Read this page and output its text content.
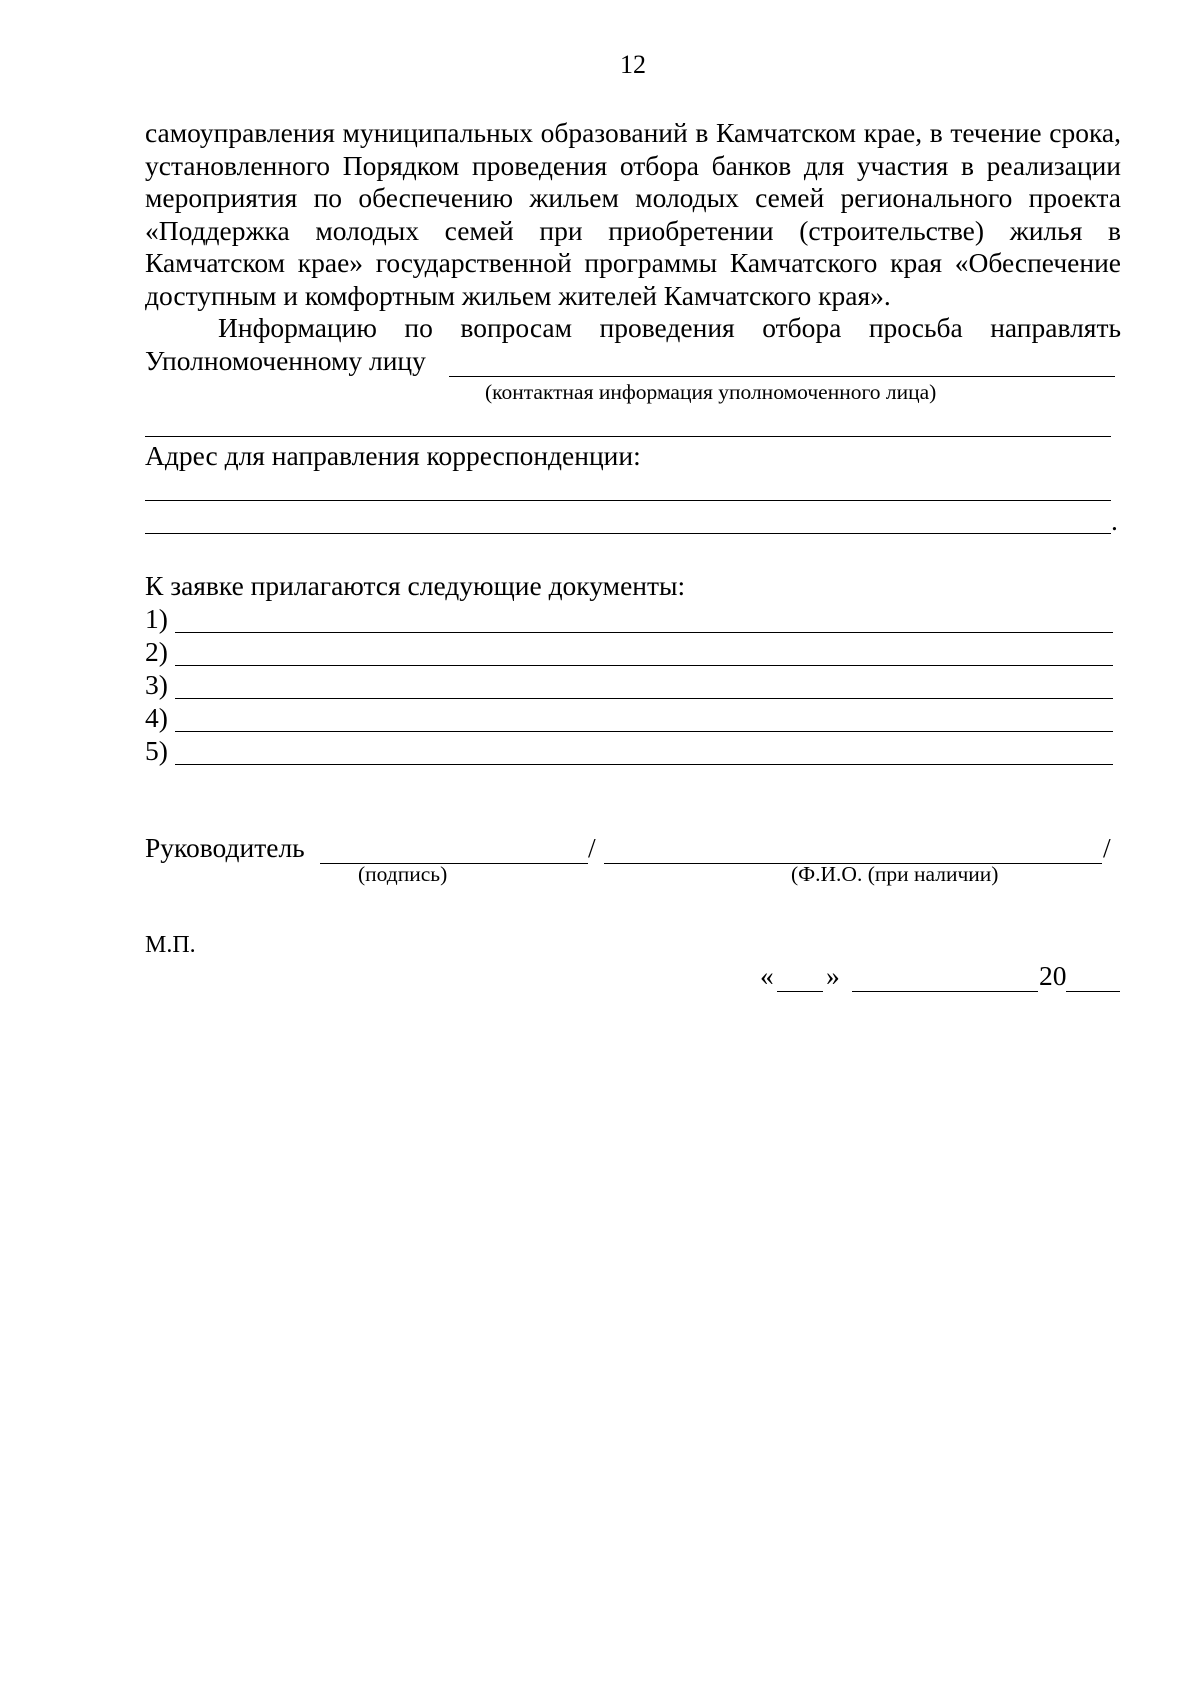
12

самоуправления муниципальных образований в Камчатском крае, в течение срока, установленного Порядком проведения отбора банков для участия в реализации мероприятия по обеспечению жильем молодых семей регионального проекта «Поддержка молодых семей при приобретении (строительстве) жилья в Камчатском крае» государственной программы Камчатского края «Обеспечение доступным и комфортным жильем жителей Камчатского края».

Информацию по вопросам проведения отбора просьба направлять

Уполномоченному лицу
(контактная информация уполномоченного лица)
Адрес для направления корреспонденции:
.
К заявке прилагаются следующие документы:
1)
2)
3)
4)
5)
Руководитель	/	/
(подпись)	(Ф.И.О. (при наличии)
М.П.
« »	20
